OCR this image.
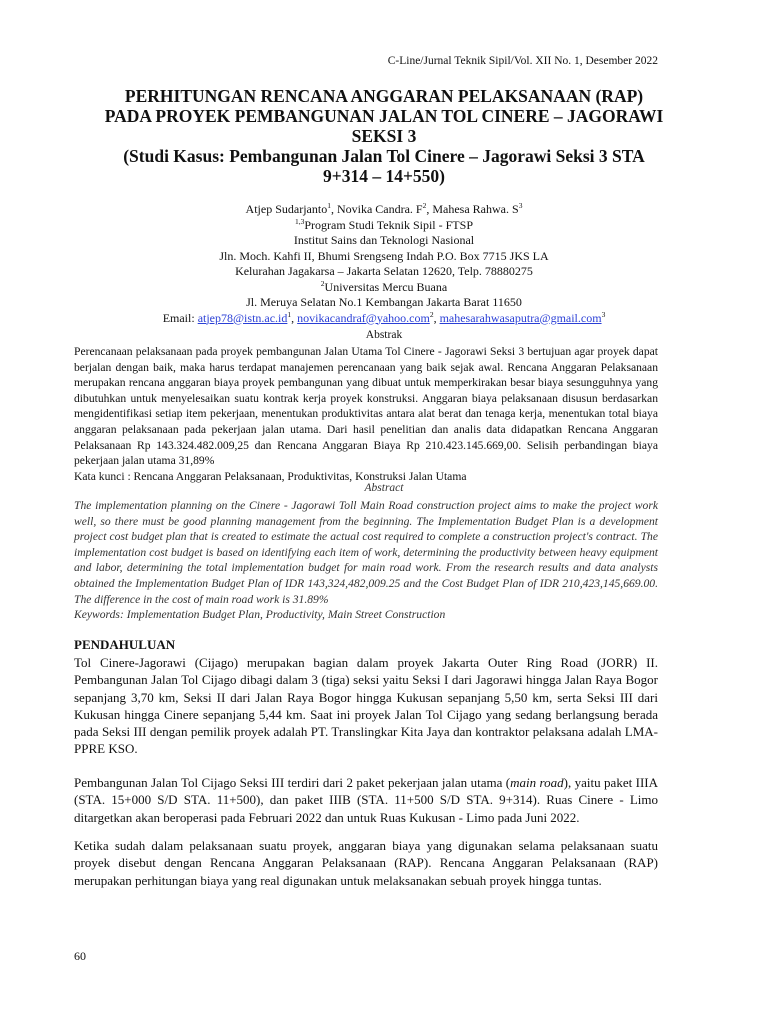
C-Line/Jurnal Teknik Sipil/Vol. XII No. 1, Desember 2022
PERHITUNGAN RENCANA ANGGARAN PELAKSANAAN (RAP)
PADA PROYEK PEMBANGUNAN JALAN TOL CINERE – JAGORAWI
SEKSI 3
(Studi Kasus: Pembangunan Jalan Tol Cinere – Jagorawi Seksi 3 STA
9+314 – 14+550)
Atjep Sudarjanto$^1$, Novika Candra. $F^2$, Mahesa Rahwa. $S^3$
$^{1,3}$Program Studi Teknik Sipil - FTSP
Institut Sains dan Teknologi Nasional
Jln. Moch. Kahfi II, Bhumi Srengseng Indah P.O. Box 7715 JKS LA
Kelurahan Jagakarsa – Jakarta Selatan 12620, Telp. 78880275
$^2$Universitas Mercu Buana
Jl. Meruya Selatan No.1 Kembangan Jakarta Barat 11650
Email: $atjep78@istn.ac.id^1$, novikacandraf@yahoo.com$^2$, mahesarahwasaputra@gmail.com$^3$
Abstrak
Perencanaan pelaksanaan pada proyek pembangunan Jalan Utama Tol Cinere - Jagorawi Seksi 3 bertujuan agar proyek dapat berjalan dengan baik, maka harus terdapat manajemen perencanaan yang baik sejak awal. Rencana Anggaran Pelaksanaan merupakan rencana anggaran biaya proyek pembangunan yang dibuat untuk memperkirakan besar biaya sesungguhnya yang dibutuhkan untuk menyelesaikan suatu kontrak kerja proyek konstruksi. Anggaran biaya pelaksanaan disusun berdasarkan mengidentifikasi setiap item pekerjaan, menentukan produktivitas antara alat berat dan tenaga kerja, menentukan total biaya anggaran pelaksanaan pada pekerjaan jalan utama. Dari hasil penelitian dan analis data didapatkan Rencana Anggaran Pelaksanaan Rp 143.324.482.009,25 dan Rencana Anggaran Biaya Rp 210.423.145.669,00. Selisih perbandingan biaya pekerjaan jalan utama 31,89%
Kata kunci : Rencana Anggaran Pelaksanaan, Produktivitas, Konstruksi Jalan Utama
Abstract
The implementation planning on the Cinere - Jagorawi Toll Main Road construction project aims to make the project work well, so there must be good planning management from the beginning. The Implementation Budget Plan is a development project cost budget plan that is created to estimate the actual cost required to complete a construction project's contract. The implementation cost budget is based on identifying each item of work, determining the productivity between heavy equipment and labor, determining the total implementation budget for main road work. From the research results and data analysts obtained the Implementation Budget Plan of IDR 143,324,482,009.25 and the Cost Budget Plan of IDR 210,423,145,669.00. The difference in the cost of main road work is 31.89%
Keywords: Implementation Budget Plan, Productivity, Main Street Construction
PENDAHULUAN
Tol Cinere-Jagorawi (Cijago) merupakan bagian dalam proyek Jakarta Outer Ring Road (JORR) II. Pembangunan Jalan Tol Cijago dibagi dalam 3 (tiga) seksi yaitu Seksi I dari Jagorawi hingga Jalan Raya Bogor sepanjang 3,70 km, Seksi II dari Jalan Raya Bogor hingga Kukusan sepanjang 5,50 km, serta Seksi III dari Kukusan hingga Cinere sepanjang 5,44 km. Saat ini proyek Jalan Tol Cijago yang sedang berlangsung berada pada Seksi III dengan pemilik proyek adalah PT. Translingkar Kita Jaya dan kontraktor pelaksana adalah LMA-PPRE KSO.
Pembangunan Jalan Tol Cijago Seksi III terdiri dari 2 paket pekerjaan jalan utama (main road), yaitu paket IIIA (STA. 15+000 S/D STA. 11+500), dan paket IIIB (STA. 11+500 S/D STA. 9+314). Ruas Cinere - Limo ditargetkan akan beroperasi pada Februari 2022 dan untuk Ruas Kukusan - Limo pada Juni 2022.
Ketika sudah dalam pelaksanaan suatu proyek, anggaran biaya yang digunakan selama pelaksanaan suatu proyek disebut dengan Rencana Anggaran Pelaksanaan (RAP). Rencana Anggaran Pelaksanaan (RAP) merupakan perhitungan biaya yang real digunakan untuk melaksanakan sebuah proyek hingga tuntas.
60
